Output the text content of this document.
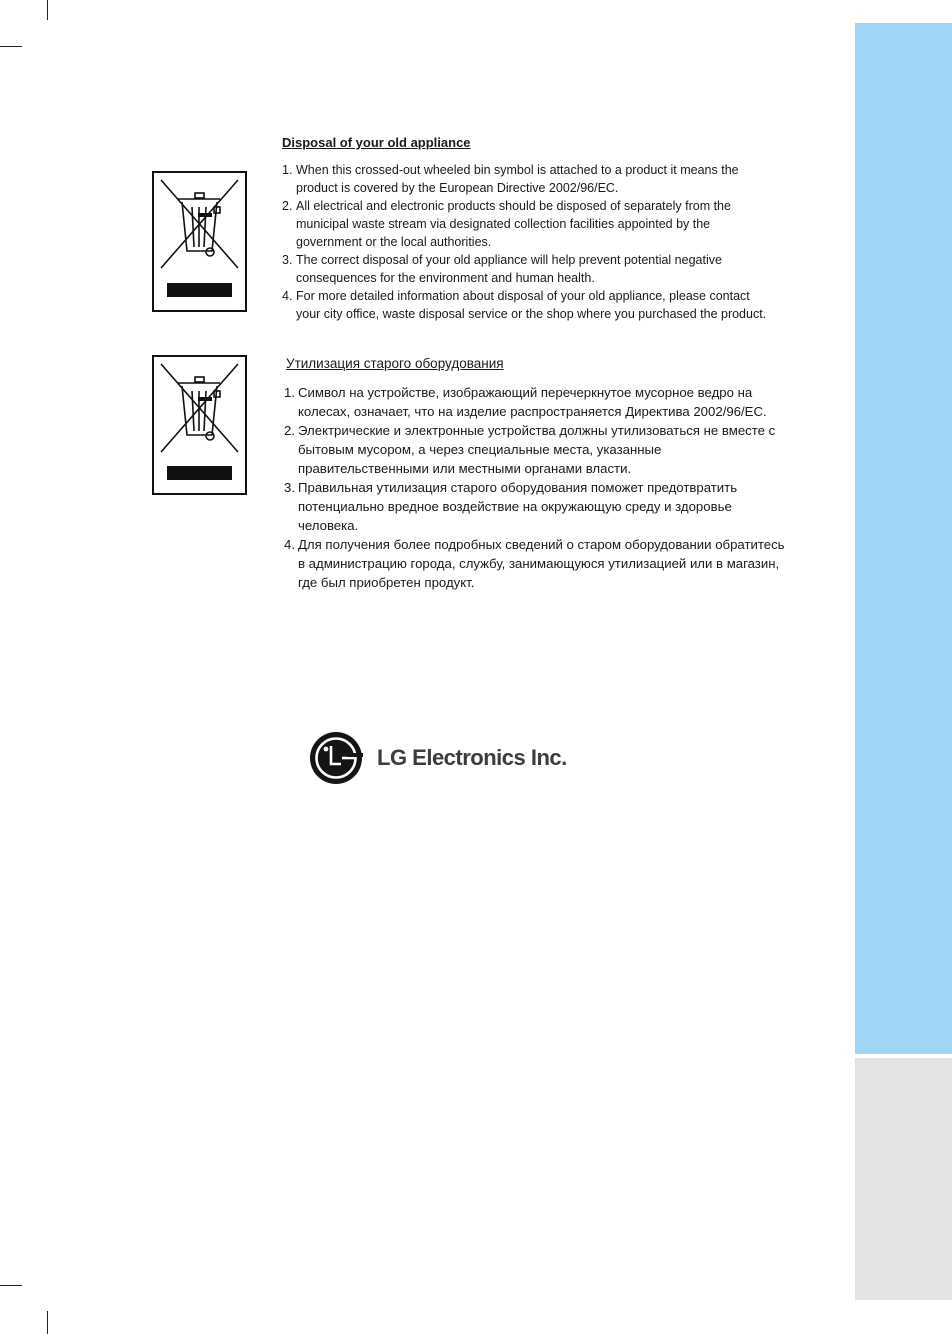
Disposal of your old appliance

1. When this crossed-out wheeled bin symbol is attached to a product it means the product is covered by the European Directive 2002/96/EC.
2. All electrical and electronic products should be disposed of separately from the municipal waste stream via designated collection facilities appointed by the government or the local authorities.
3. The correct disposal of your old appliance will help prevent potential negative consequences for the environment and human health.
4. For more detailed information about disposal of your old appliance, please contact your city office, waste disposal service or the shop where you purchased the product.

Утилизация старого оборудования

1. Символ на устройстве, изображающий перечеркнутое мусорное ведро на колесах, означает, что на изделие распространяется Директива 2002/96/EC.
2. Электрические и электронные устройства должны утилизоваться не вместе с бытовым мусором, а через специальные места, указанные правительственными или местными органами власти.
3. Правильная утилизация старого оборудования поможет предотвратить потенциально вредное воздействие на окружающую среду и здоровье человека.
4. Для получения более подробных сведений о старом оборудовании обратитесь в администрацию города, службу, занимающуюся утилизацией или в магазин, где был приобретен продукт.
LG Electronics Inc.
